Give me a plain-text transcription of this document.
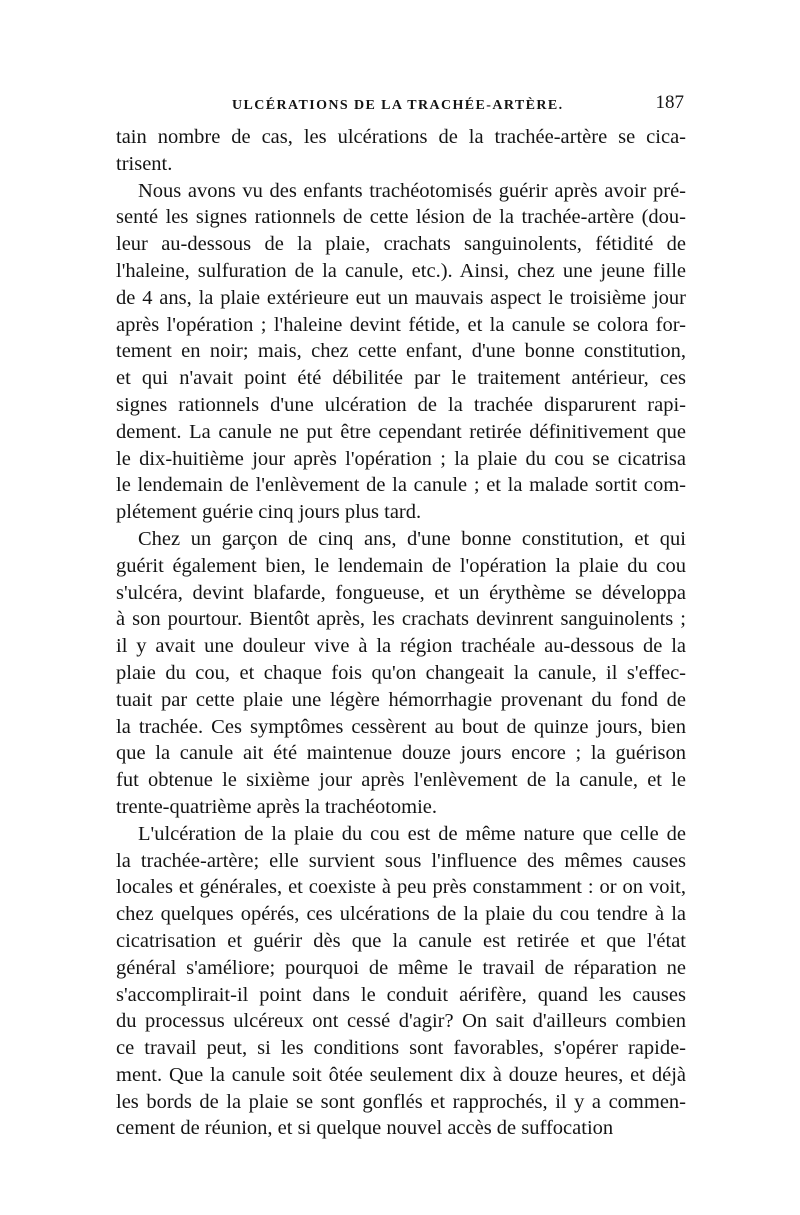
ULCÉRATIONS DE LA TRACHÉE-ARTÈRE.	187
tain nombre de cas, les ulcérations de la trachée-artère se cica-
trisent.
Nous avons vu des enfants trachéotomisés guérir après avoir pré-
senté les signes rationnels de cette lésion de la trachée-artère (dou-
leur au-dessous de la plaie, crachats sanguinolents, fétidité de
l'haleine, sulfuration de la canule, etc.). Ainsi, chez une jeune fille
de 4 ans, la plaie extérieure eut un mauvais aspect le troisième jour
après l'opération ; l'haleine devint fétide, et la canule se colora for-
tement en noir; mais, chez cette enfant, d'une bonne constitution,
et qui n'avait point été débilitée par le traitement antérieur, ces
signes rationnels d'une ulcération de la trachée disparurent rapi-
dement. La canule ne put être cependant retirée définitivement que
le dix-huitième jour après l'opération ; la plaie du cou se cicatrisa
le lendemain de l'enlèvement de la canule ; et la malade sortit com-
plétement guérie cinq jours plus tard.
Chez un garçon de cinq ans, d'une bonne constitution, et qui
guérit également bien, le lendemain de l'opération la plaie du cou
s'ulcéra, devint blafarde, fongueuse, et un érythème se développa
à son pourtour. Bientôt après, les crachats devinrent sanguinolents ;
il y avait une douleur vive à la région trachéale au-dessous de la
plaie du cou, et chaque fois qu'on changeait la canule, il s'effec-
tuait par cette plaie une légère hémorrhagie provenant du fond de
la trachée. Ces symptômes cessèrent au bout de quinze jours, bien
que la canule ait été maintenue douze jours encore ; la guérison
fut obtenue le sixième jour après l'enlèvement de la canule, et le
trente-quatrième après la trachéotomie.
L'ulcération de la plaie du cou est de même nature que celle de
la trachée-artère; elle survient sous l'influence des mêmes causes
locales et générales, et coexiste à peu près constamment : or on voit,
chez quelques opérés, ces ulcérations de la plaie du cou tendre à la
cicatrisation et guérir dès que la canule est retirée et que l'état
général s'améliore; pourquoi de même le travail de réparation ne
s'accomplirait-il point dans le conduit aérifère, quand les causes
du processus ulcéreux ont cessé d'agir? On sait d'ailleurs combien
ce travail peut, si les conditions sont favorables, s'opérer rapide-
ment. Que la canule soit ôtée seulement dix à douze heures, et déjà
les bords de la plaie se sont gonflés et rapprochés, il y a commen-
cement de réunion, et si quelque nouvel accès de suffocation
